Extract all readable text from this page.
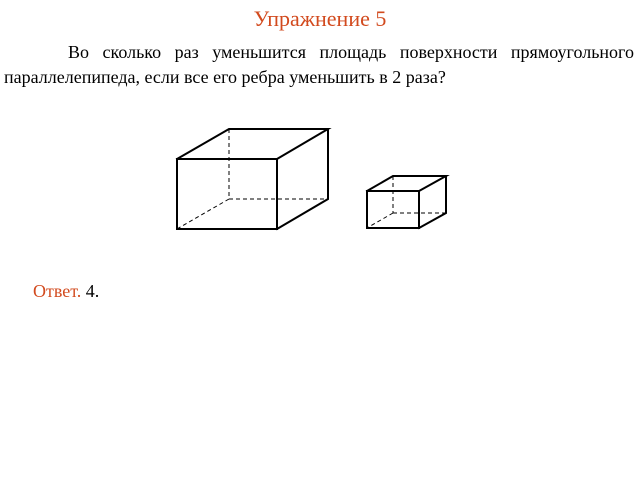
Упражнение 5
Во сколько раз уменьшится площадь поверхности прямоугольного параллелепипеда, если все его ребра уменьшить в 2 раза?
Ответ. 4.
